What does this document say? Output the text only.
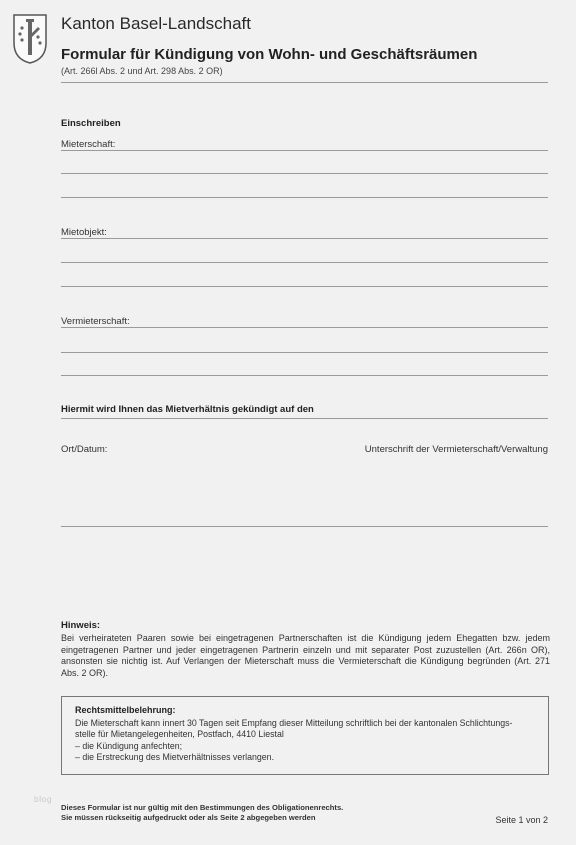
Kanton Basel-Landschaft
Formular für Kündigung von Wohn- und Geschäftsräumen
(Art. 266l Abs. 2 und Art. 298 Abs. 2 OR)
Einschreiben
Mieterschaft:
Mietobjekt:
Vermieterschaft:
Hiermit wird Ihnen das Mietverhältnis gekündigt auf den
Ort/Datum:	Unterschrift der Vermieterschaft/Verwaltung
Hinweis:
Bei verheirateten Paaren sowie bei eingetragenen Partnerschaften ist die Kündigung jedem Ehegatten bzw. jedem eingetragenen Partner und jeder eingetragenen Partnerin einzeln und mit separater Post zuzustellen (Art. 266n OR), ansonsten sie nichtig ist. Auf Verlangen der Mieterschaft muss die Vermieterschaft die Kündigung begründen (Art. 271 Abs. 2 OR).
Rechtsmittelbelehrung:
Die Mieterschaft kann innert 30 Tagen seit Empfang dieser Mitteilung schriftlich bei der kantonalen Schlichtungs-
stelle für Mietangelegenheiten, Postfach, 4410 Liestal
– die Kündigung anfechten;
– die Erstreckung des Mietverhältnisses verlangen.
blog
Dieses Formular ist nur gültig mit den Bestimmungen des Obligationenrechts.
Sie müssen rückseitig aufgedruckt oder als Seite 2 abgegeben werden	Seite 1 von 2
